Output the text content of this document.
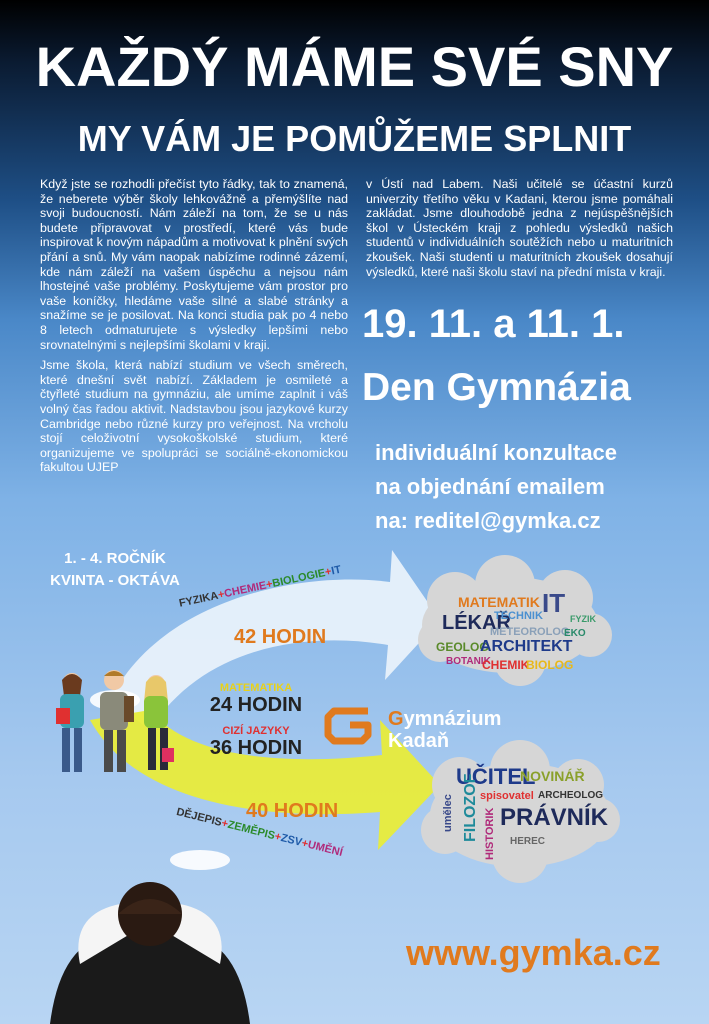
KAŽDÝ MÁME SVÉ SNY
MY VÁM JE POMŮŽEME SPLNIT

Když jste se rozhodli přečíst tyto řádky, tak to znamená, že neberete výběr školy lehkovážně a přemýšlíte nad svoji budoucností. Nám záleží na tom, že se u nás budete připravovat v prostředí, které vás bude inspirovat k novým nápadům a motivovat k plnění svých přání a snů. My vám naopak nabízíme rodinné zázemí, kde nám záleží na vašem úspěchu a nejsou nám lhostejné vaše problémy. Poskytujeme vám prostor pro vaše koníčky, hledáme vaše silné a slabé stránky a snažíme se je posilovat. Na konci studia pak po 4 nebo 8 letech odmaturujete s výsledky lepšími nebo srovnatelnými s nejlepšími školami v kraji.

Jsme škola, která nabízí studium ve všech směrech, které dnešní svět nabízí. Základem je osmileté a čtyřleté studium na gymnáziu, ale umíme zaplnit i váš volný čas řadou aktivit. Nadstavbou jsou jazykové kurzy Cambridge nebo různé kurzy pro veřejnost. Na vrcholu stojí celoživotní vysokoškolské studium, které organizujeme ve spolupráci se sociálně-ekonomickou fakultou UJEP

v Ústí nad Labem. Naši učitelé se účastní kurzů univerzity třetího věku v Kadani, kterou jsme pomáhali zakládat. Jsme dlouhodobě jedna z nejúspěšnějších škol v Ústeckém kraji z pohledu výsledků našich studentů v individuálních soutěžích nebo u maturitních zkoušek. Naši studenti u maturitních zkoušek dosahují výsledků, které naši školu staví na přední místa v kraji.

19. 11. a 11. 1.
Den Gymnázia
individuální konzultace
na objednání emailem
na: reditel@gymka.cz
1. - 4. ROČNÍK
KVINTA - OKTÁVA
FYZIKA+CHEMIE+BIOLOGIE+IT
42 HODIN
MATEMATIKA
24 HODIN
CIZÍ JAZYKY
36 HODIN
40 HODIN
DĚJEPIS+ZEMĚPIS+ZSV+UMĚNÍ
MATEMATIK IT
LÉKAŘ
TECHNIK	FYZIK
GEOLOG
METEOROLOG
EKO
ARCHITEKT
BOTANIK
CHEMIK
BIOLOG
UČITEL
NOVINÁŘ
spisovatel ARCHEOLOG
FILOZOF
umělec	HISTORIK PRÁVNÍK
HEREC
Gymnázium
Kadaň
www.gymka.cz
